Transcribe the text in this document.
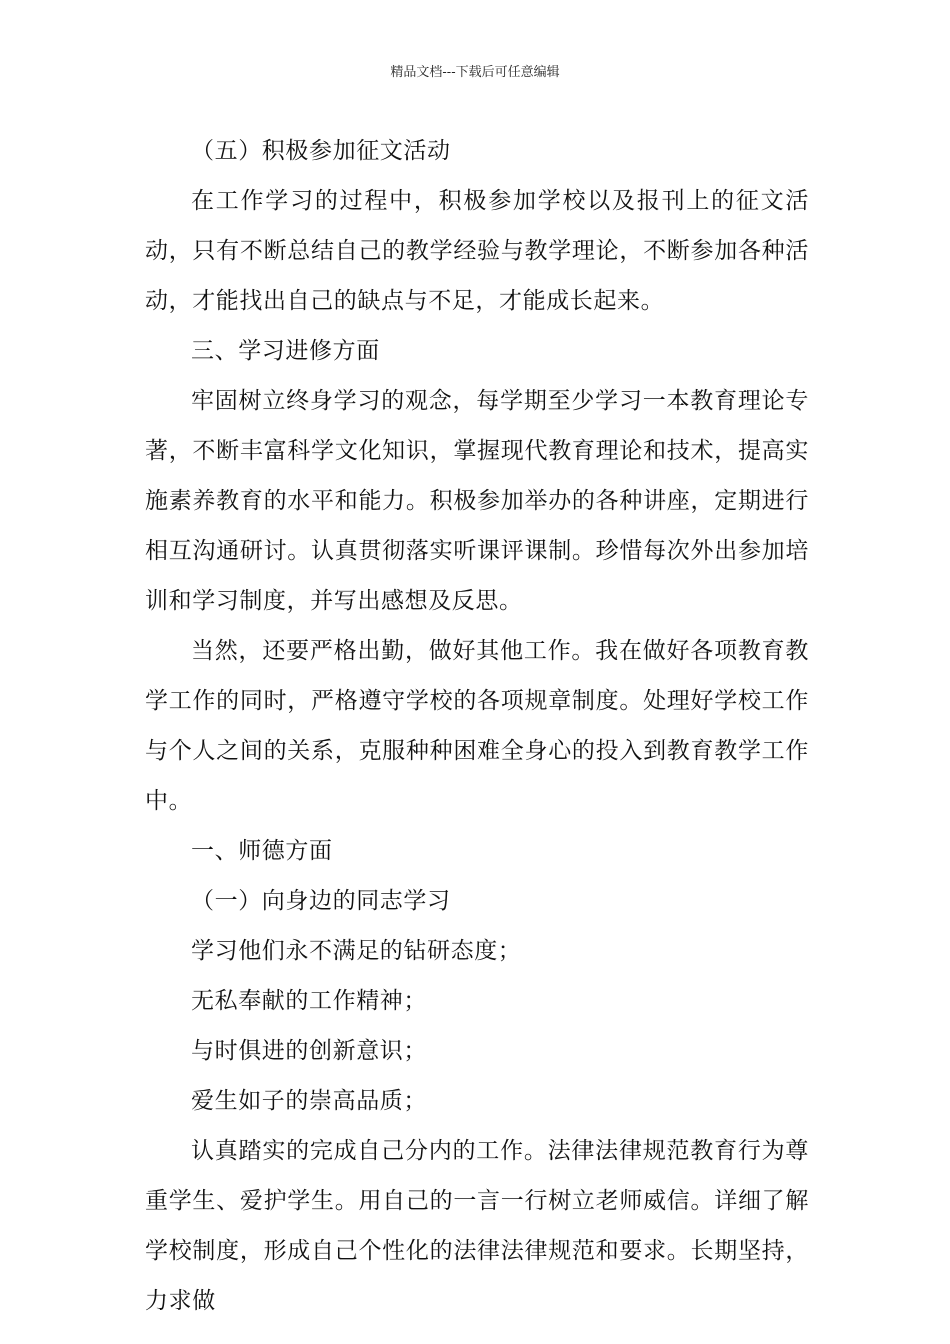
精品文档---下载后可任意编辑

（五）积极参加征文活动

在工作学习的过程中，积极参加学校以及报刊上的征文活动，只有不断总结自己的教学经验与教学理论，不断参加各种活动，才能找出自己的缺点与不足，才能成长起来。

三、学习进修方面

牢固树立终身学习的观念，每学期至少学习一本教育理论专著，不断丰富科学文化知识，掌握现代教育理论和技术，提高实施素养教育的水平和能力。积极参加举办的各种讲座，定期进行相互沟通研讨。认真贯彻落实听课评课制。珍惜每次外出参加培训和学习制度，并写出感想及反思。

当然，还要严格出勤，做好其他工作。我在做好各项教育教学工作的同时，严格遵守学校的各项规章制度。处理好学校工作与个人之间的关系，克服种种困难全身心的投入到教育教学工作中。

一、师德方面

（一）向身边的同志学习

学习他们永不满足的钻研态度；

无私奉献的工作精神；

与时俱进的创新意识；

爱生如子的崇高品质；

认真踏实的完成自己分内的工作。法律法律规范教育行为尊重学生、爱护学生。用自己的一言一行树立老师威信。详细了解学校制度，形成自己个性化的法律法律规范和要求。长期坚持，力求做
